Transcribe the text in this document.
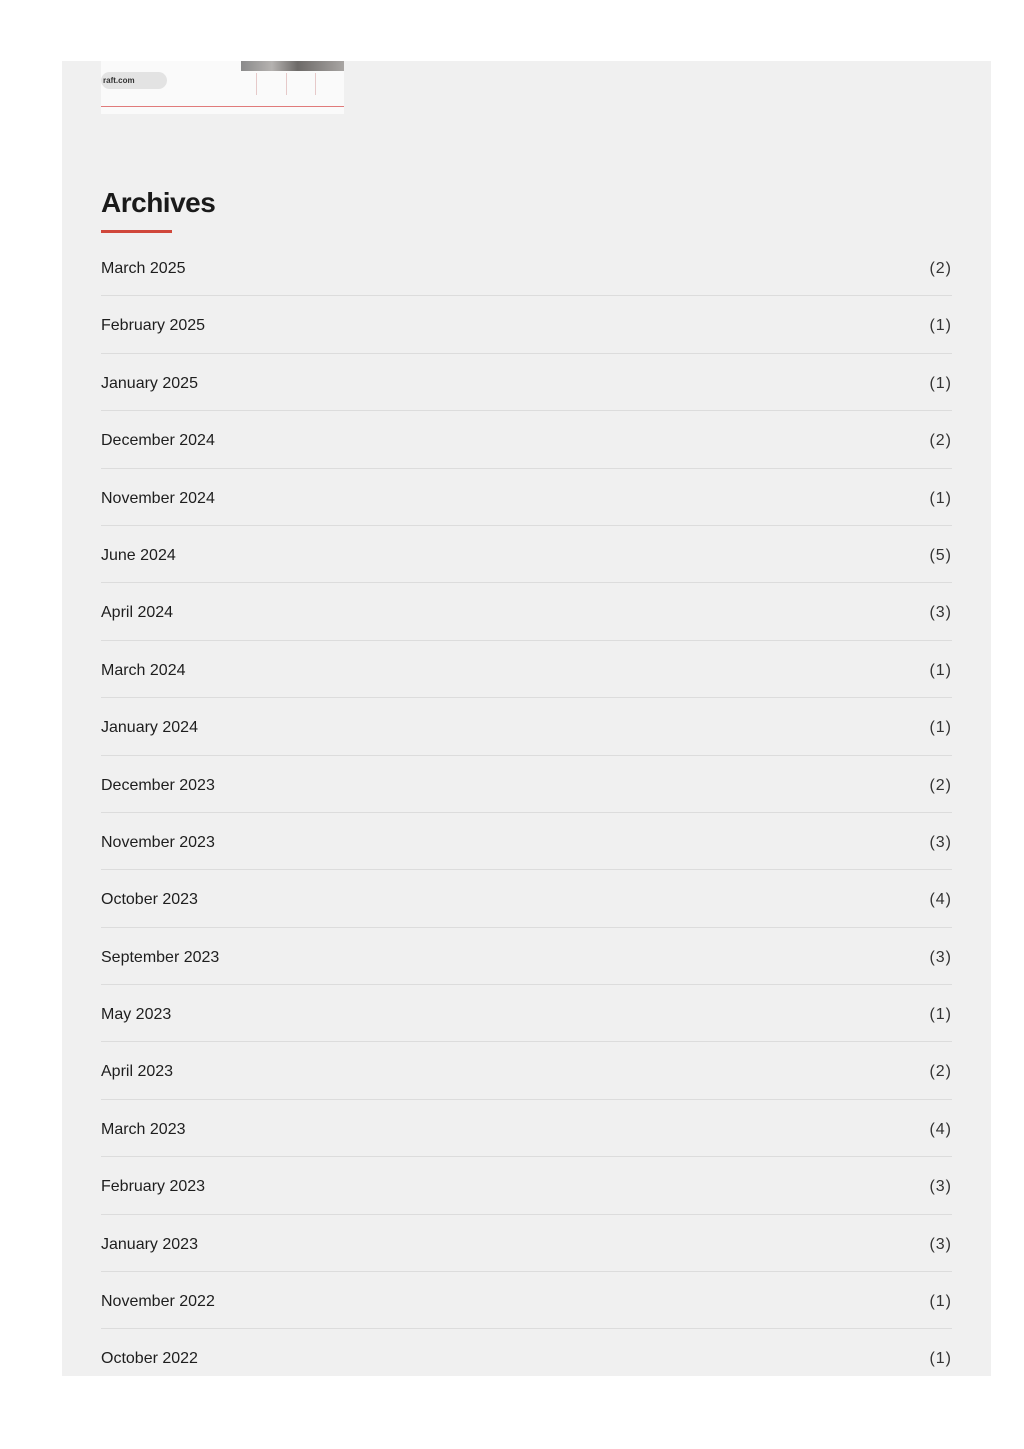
raft.com
Archives
March 2025	(2)
February 2025	(1)
January 2025	(1)
December 2024	(2)
November 2024	(1)
June 2024	(5)
April 2024	(3)
March 2024	(1)
January 2024	(1)
December 2023	(2)
November 2023	(3)
October 2023	(4)
September 2023	(3)
May 2023	(1)
April 2023	(2)
March 2023	(4)
February 2023	(3)
January 2023	(3)
November 2022	(1)
October 2022	(1)
